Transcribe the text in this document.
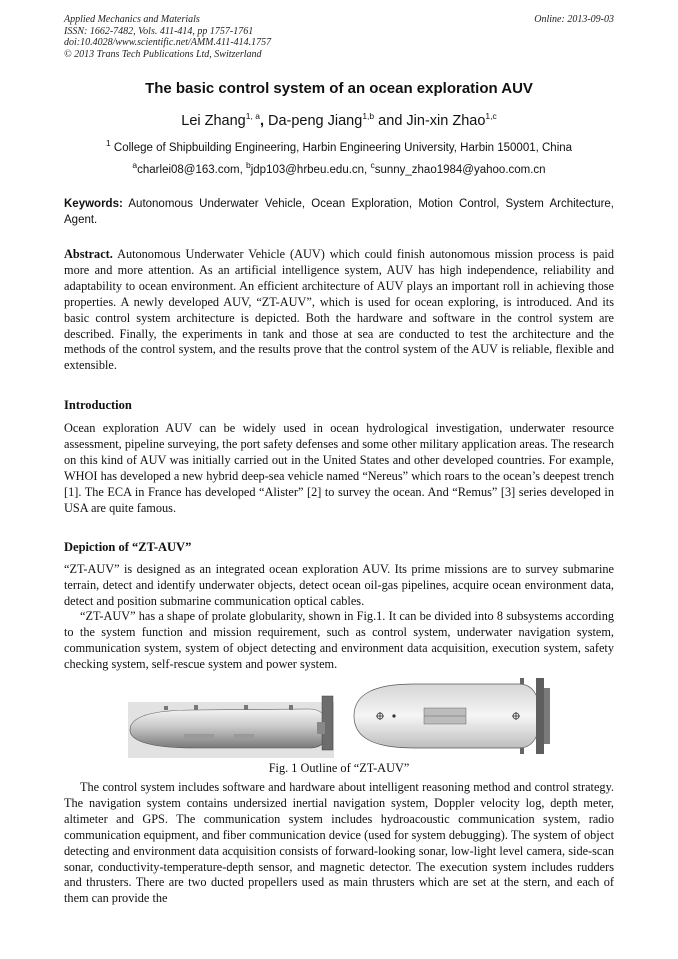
Applied Mechanics and Materials
ISSN: 1662-7482, Vols. 411-414, pp 1757-1761
doi:10.4028/www.scientific.net/AMM.411-414.1757
© 2013 Trans Tech Publications Ltd, Switzerland
Online: 2013-09-03
The basic control system of an ocean exploration AUV
Lei Zhang$^{1, a}$, Da-peng Jiang$^{1,b}$ and Jin-xin Zhao$^{1,c}$
$^1$ College of Shipbuilding Engineering, Harbin Engineering University, Harbin 150001, China
$^a$charlei08@163.com, $^b$jdp103@hrbeu.edu.cn, $^c$sunny_zhao1984@yahoo.com.cn
Keywords: Autonomous Underwater Vehicle, Ocean Exploration, Motion Control, System Architecture, Agent.
Abstract. Autonomous Underwater Vehicle (AUV) which could finish autonomous mission process is paid more and more attention. As an artificial intelligence system, AUV has high independence, reliability and adaptability to ocean environment. An efficient architecture of AUV plays an important roll in achieving those properties. A newly developed AUV, “ZT-AUV”, which is used for ocean exploring, is introduced. And its basic control system architecture is depicted. Both the hardware and software in the control system are described. Finally, the experiments in tank and those at sea are conducted to test the architecture and the methods of the control system, and the results prove that the control system of the AUV is reliable, flexible and extensible.
Introduction
Ocean exploration AUV can be widely used in ocean hydrological investigation, underwater resource assessment, pipeline surveying, the port safety defenses and some other military application areas. The research on this kind of AUV was initially carried out in the United States and other developed countries. For example, WHOI has developed a new hybrid deep-sea vehicle named “Nereus” which roars to the ocean’s deepest trench [1]. The ECA in France has developed “Alister” [2] to survey the ocean. And “Remus” [3] series developed in USA are quite famous.
Depiction of “ZT-AUV”
“ZT-AUV” is designed as an integrated ocean exploration AUV. Its prime missions are to survey submarine terrain, detect and identify underwater objects, detect ocean oil-gas pipelines, acquire ocean environment data, detect and position submarine communication optical cables.
“ZT-AUV” has a shape of prolate globularity, shown in Fig.1. It can be divided into 8 subsystems according to the system function and mission requirement, such as control system, underwater navigation system, communication system, system of object detecting and environment data acquisition, execution system, safety checking system, self-rescue system and power system.
Fig. 1 Outline of “ZT-AUV”
The control system includes software and hardware about intelligent reasoning method and control strategy. The navigation system contains undersized inertial navigation system, Doppler velocity log, depth meter, altimeter and GPS. The communication system includes hydroacoustic communication system, radio communication equipment, and fiber communication device (used for system debugging). The system of object detecting and environment data acquisition consists of forward-looking sonar, low-light level camera, side-scan sonar, conductivity-temperature-depth sensor, and magnetic detector. The execution system includes rudders and thrusters. There are two ducted propellers used as main thrusters which are set at the stern, and each of them can provide the
